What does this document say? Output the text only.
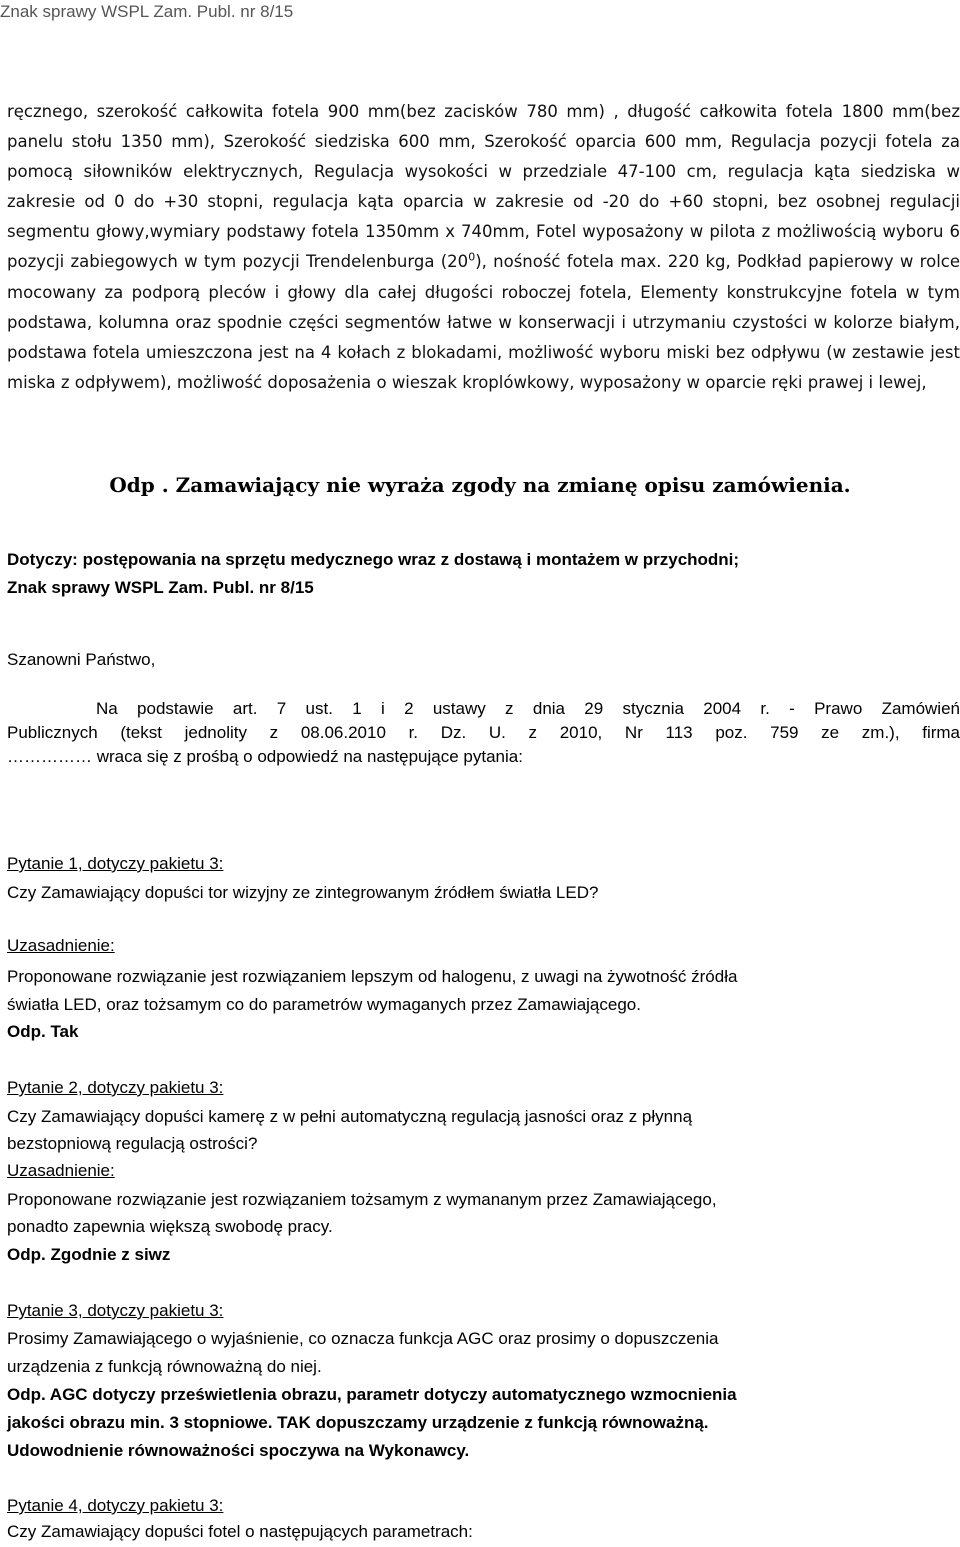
Znak sprawy WSPL Zam. Publ. nr 8/15
ręcznego, szerokość całkowita fotela 900 mm(bez zacisków 780 mm) , długość całkowita fotela 1800 mm(bez panelu stołu 1350 mm), Szerokość siedziska 600 mm, Szerokość oparcia 600 mm, Regulacja pozycji fotela za pomocą siłowników elektrycznych, Regulacja wysokości w przedziale 47-100 cm, regulacja kąta siedziska w zakresie od 0 do +30 stopni, regulacja kąta oparcia w zakresie od -20 do +60 stopni, bez osobnej regulacji segmentu głowy,wymiary podstawy fotela 1350mm x 740mm, Fotel wyposażony w pilota z możliwością wyboru 6 pozycji zabiegowych w tym pozycji Trendelenburga $(20^0)$, nośność fotela max. 220 kg, Podkład papierowy w rolce mocowany za podporą pleców i głowy dla całej długości roboczej fotela, Elementy konstrukcyjne fotela w tym podstawa, kolumna oraz spodnie części segmentów łatwe w konserwacji i utrzymaniu czystości w kolorze białym, podstawa fotela umieszczona jest na 4 kołach z blokadami, możliwość wyboru miski bez odpływu (w zestawie jest miska z odpływem), możliwość doposażenia o wieszak kroplówkowy, wyposażony w oparcie ręki prawej i lewej,
Odp . Zamawiający nie wyraża zgody na zmianę opisu zamówienia.
Dotyczy: postępowania na sprzętu medycznego wraz z dostawą i montażem w przychodni;
Znak sprawy WSPL Zam. Publ. nr 8/15
Szanowni Państwo,
Na podstawie art. 7 ust. 1 i 2 ustawy z dnia 29 stycznia 2004 r. - Prawo Zamówień
Publicznych (tekst jednolity z 08.06.2010 r. Dz. U. z 2010, Nr 113 poz. 759 ze zm.), firma
…………… wraca się z prośbą o odpowiedź na następujące pytania:
Pytanie 1, dotyczy pakietu 3:
Czy Zamawiający dopuści tor wizyjny ze zintegrowanym źródłem światła LED?
Uzasadnienie:
Proponowane rozwiązanie jest rozwiązaniem lepszym od halogenu, z uwagi na żywotność źródła
światła LED, oraz tożsamym co do parametrów wymaganych przez Zamawiającego.
Odp. Tak
Pytanie 2, dotyczy pakietu 3:
Czy Zamawiający dopuści kamerę z w pełni automatyczną regulacją jasności oraz z płynną
bezstopniową regulacją ostrości?
Uzasadnienie:
Proponowane rozwiązanie jest rozwiązaniem tożsamym z wymananym przez Zamawiającego,
ponadto zapewnia większą swobodę pracy.
Odp. Zgodnie z siwz
Pytanie 3, dotyczy pakietu 3:
Prosimy Zamawiającego o wyjaśnienie, co oznacza funkcja AGC oraz prosimy o dopuszczenia
urządzenia z funkcją równoważną do niej.
Odp. AGC dotyczy prześwietlenia obrazu, parametr dotyczy automatycznego wzmocnienia
jakości obrazu min. 3 stopniowe. TAK dopuszczamy urządzenie z funkcją równoważną.
Udowodnienie równoważności spoczywa na Wykonawcy.
Pytanie 4, dotyczy pakietu 3:
Czy Zamawiający dopuści fotel o następujących parametrach:
